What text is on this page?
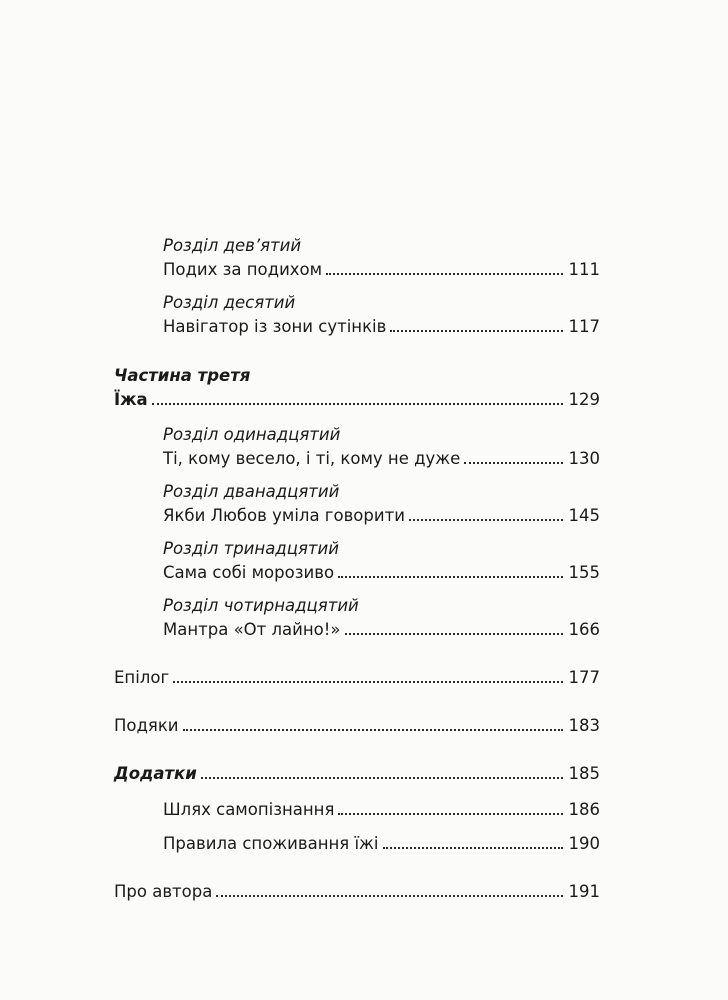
Розділ дев’ятий
Подих за подихом	111
Розділ десятий
Навігатор із зони сутінків	117
Частина третя
Їжа	129
Розділ одинадцятий
Ті, кому весело, і ті, кому не дуже	130
Розділ дванадцятий
Якби Любов уміла говорити	145
Розділ тринадцятий
Сама собі морозиво	155
Розділ чотирнадцятий
Мантра «От лайно!»	166
Епілог	177
Подяки	183
Додатки	185
Шлях самопізнання	186
Правила споживання їжі	190
Про автора	191
